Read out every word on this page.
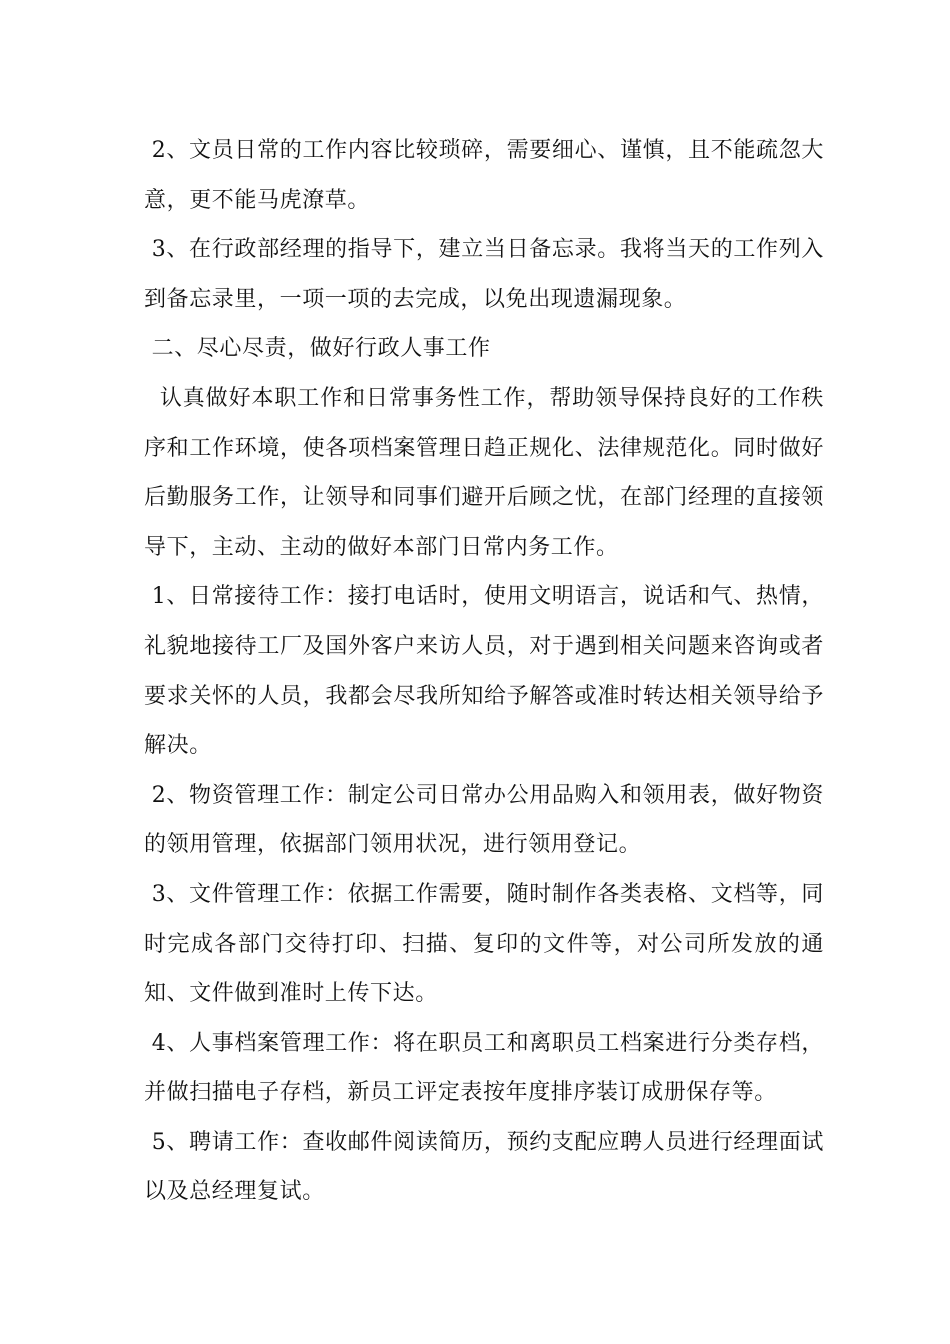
2、文员日常的工作内容比较琐碎，需要细心、谨慎，且不能疏忽大意，更不能马虎潦草。

3、在行政部经理的指导下，建立当日备忘录。我将当天的工作列入到备忘录里，一项一项的去完成，以免出现遗漏现象。

二、尽心尽责，做好行政人事工作

认真做好本职工作和日常事务性工作，帮助领导保持良好的工作秩序和工作环境，使各项档案管理日趋正规化、法律规范化。同时做好后勤服务工作，让领导和同事们避开后顾之忧，在部门经理的直接领导下，主动、主动的做好本部门日常内务工作。

1、日常接待工作：接打电话时，使用文明语言，说话和气、热情，礼貌地接待工厂及国外客户来访人员，对于遇到相关问题来咨询或者要求关怀的人员，我都会尽我所知给予解答或准时转达相关领导给予解决。

2、物资管理工作：制定公司日常办公用品购入和领用表，做好物资的领用管理，依据部门领用状况，进行领用登记。

3、文件管理工作：依据工作需要，随时制作各类表格、文档等，同时完成各部门交待打印、扫描、复印的文件等，对公司所发放的通知、文件做到准时上传下达。

4、人事档案管理工作：将在职员工和离职员工档案进行分类存档，并做扫描电子存档，新员工评定表按年度排序装订成册保存等。

5、聘请工作：查收邮件阅读简历，预约支配应聘人员进行经理面试以及总经理复试。
